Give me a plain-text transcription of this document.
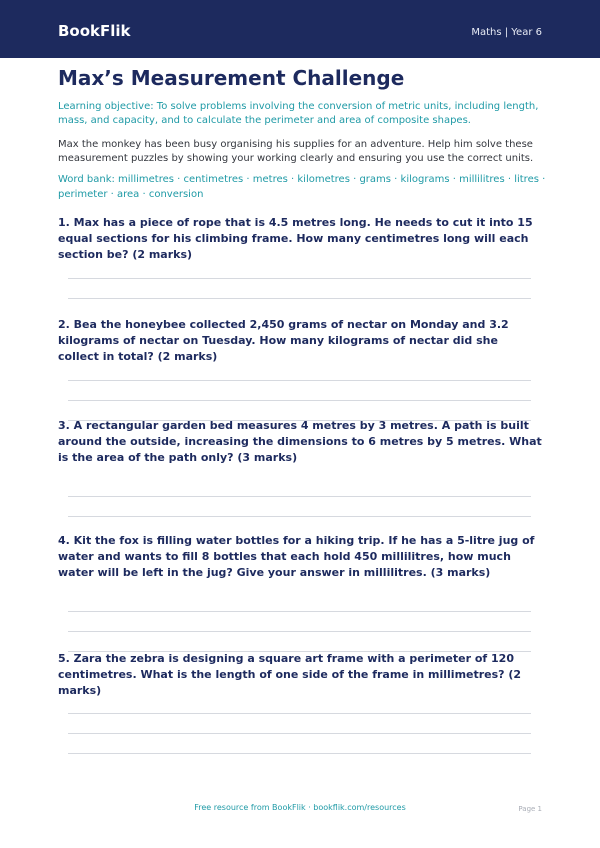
BookFlik	Maths | Year 6
Max’s Measurement Challenge

Learning objective: To solve problems involving the conversion of metric units, including length, mass, and capacity, and to calculate the perimeter and area of composite shapes.

Max the monkey has been busy organising his supplies for an adventure. Help him solve these measurement puzzles by showing your working clearly and ensuring you use the correct units.

Word bank: millimetres · centimetres · metres · kilometres · grams · kilograms · millilitres · litres · perimeter · area · conversion

1. Max has a piece of rope that is 4.5 metres long. He needs to cut it into 15 equal sections for his climbing frame. How many centimetres long will each section be? (2 marks)

2. Bea the honeybee collected 2,450 grams of nectar on Monday and 3.2 kilograms of nectar on Tuesday. How many kilograms of nectar did she collect in total? (2 marks)

3. A rectangular garden bed measures 4 metres by 3 metres. A path is built around the outside, increasing the dimensions to 6 metres by 5 metres. What is the area of the path only? (3 marks)

4. Kit the fox is filling water bottles for a hiking trip. If he has a 5-litre jug of water and wants to fill 8 bottles that each hold 450 millilitres, how much water will be left in the jug? Give your answer in millilitres. (3 marks)

5. Zara the zebra is designing a square art frame with a perimeter of 120 centimetres. What is the length of one side of the frame in millimetres? (2 marks)

Free resource from BookFlik · bookflik.com/resources	Page 1
